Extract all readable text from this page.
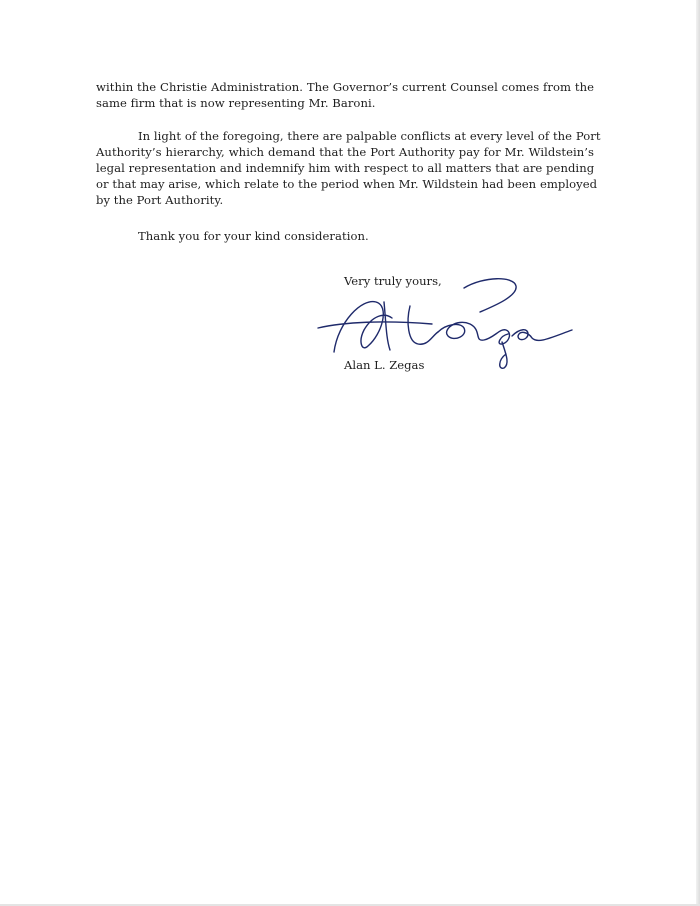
within the Christie Administration. The Governor’s current Counsel comes from the
same firm that is now representing Mr. Baroni.
In light of the foregoing, there are palpable conflicts at every level of the Port
Authority’s hierarchy, which demand that the Port Authority pay for Mr. Wildstein’s
legal representation and indemnify him with respect to all matters that are pending
or that may arise, which relate to the period when Mr. Wildstein had been employed
by the Port Authority.
Thank you for your kind consideration.
Very truly yours,
Alan L. Zegas
